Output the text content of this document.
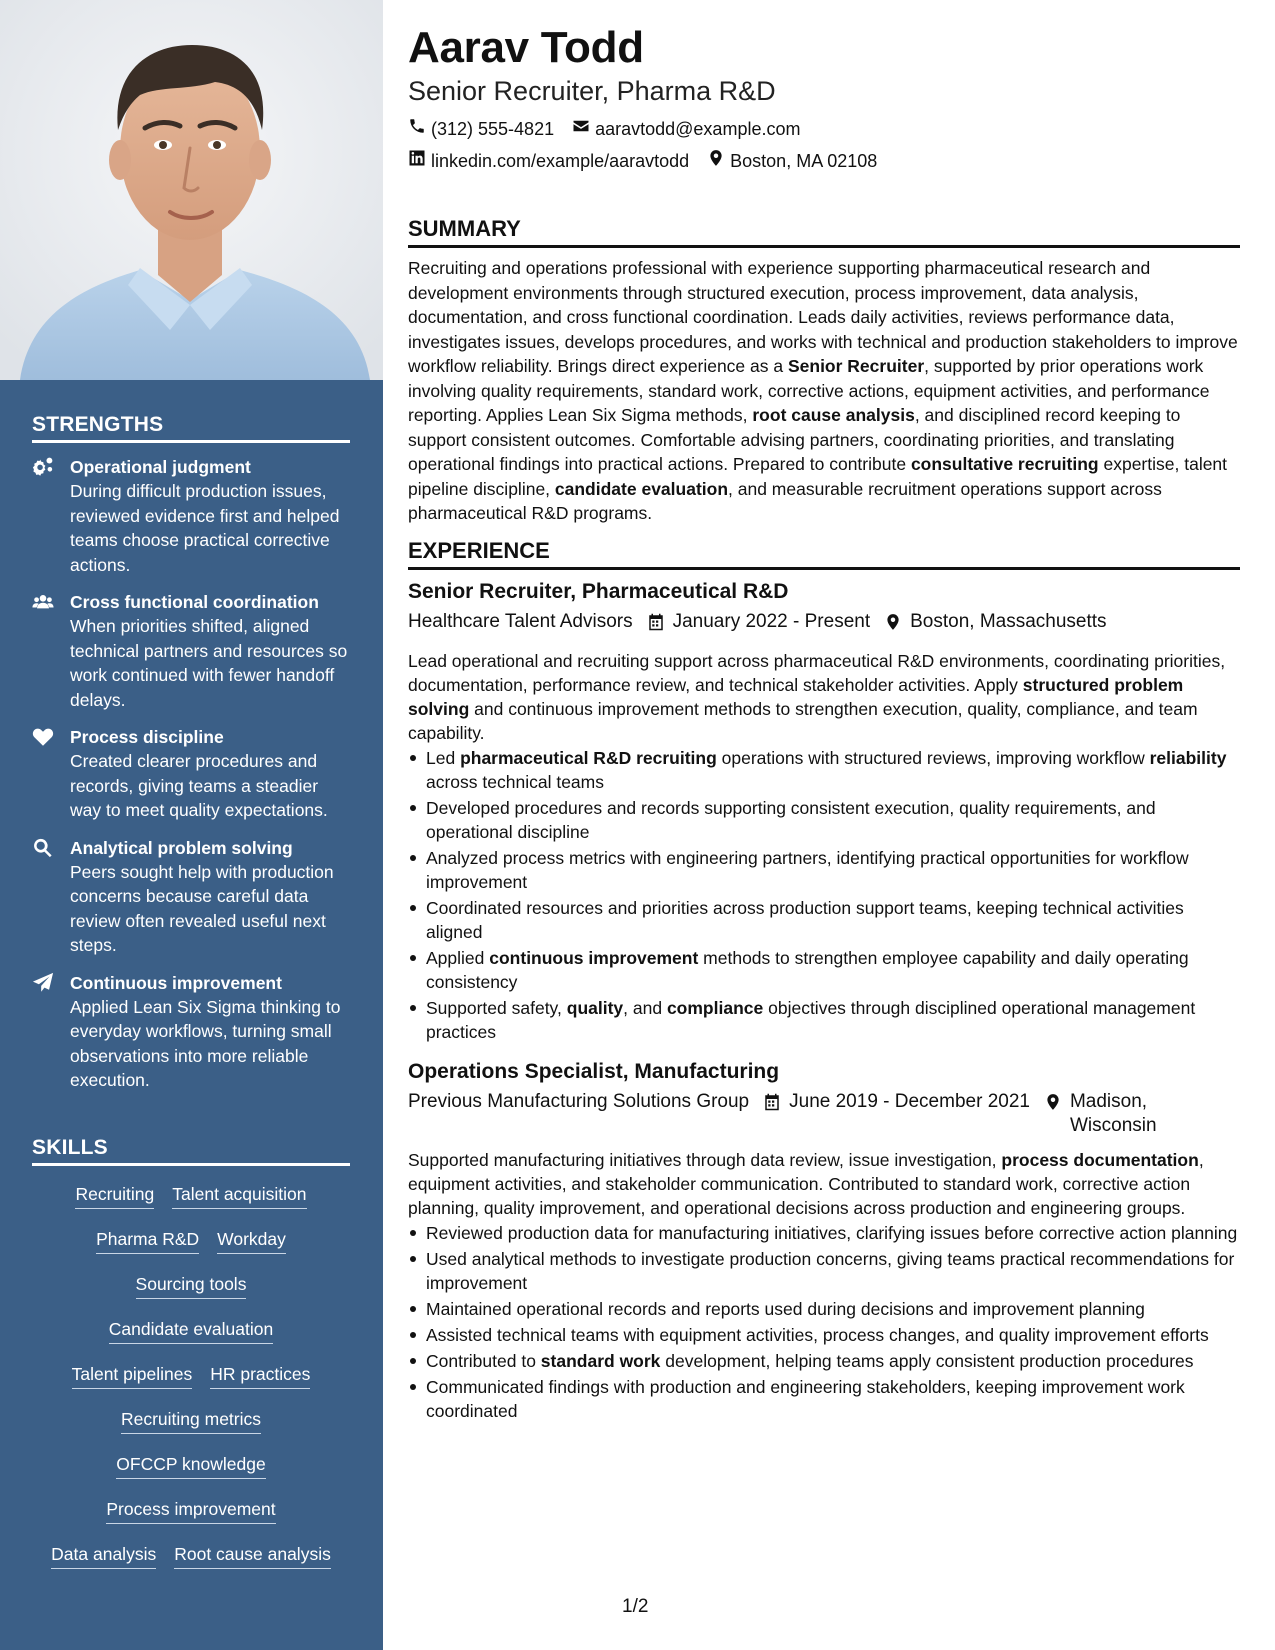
STRENGTHS
Operational judgment
During difficult production issues, reviewed evidence first and helped teams choose practical corrective actions.
Cross functional coordination
When priorities shifted, aligned technical partners and resources so work continued with fewer handoff delays.
Process discipline
Created clearer procedures and records, giving teams a steadier way to meet quality expectations.
Analytical problem solving
Peers sought help with production concerns because careful data review often revealed useful next steps.
Continuous improvement
Applied Lean Six Sigma thinking to everyday workflows, turning small observations into more reliable execution.
SKILLS
Recruiting Talent acquisition
Pharma R&D Workday
Sourcing tools
Candidate evaluation
Talent pipelines HR practices
Recruiting metrics
OFCCP knowledge
Process improvement
Data analysis Root cause analysis
Aarav Todd
Senior Recruiter, Pharma R&D
(312) 555-4821 aaravtodd@example.com
linkedin.com/example/aaravtodd Boston, MA 02108
SUMMARY

Recruiting and operations professional with experience supporting pharmaceutical research and development environments through structured execution, process improvement, data analysis, documentation, and cross functional coordination. Leads daily activities, reviews performance data, investigates issues, develops procedures, and works with technical and production stakeholders to improve workflow reliability. Brings direct experience as a Senior Recruiter, supported by prior operations work involving quality requirements, standard work, corrective actions, equipment activities, and performance reporting. Applies Lean Six Sigma methods, root cause analysis, and disciplined record keeping to support consistent outcomes. Comfortable advising partners, coordinating priorities, and translating operational findings into practical actions. Prepared to contribute consultative recruiting expertise, talent pipeline discipline, candidate evaluation, and measurable recruitment operations support across pharmaceutical R&D programs.

EXPERIENCE
Senior Recruiter, Pharmaceutical R&D
Healthcare Talent Advisors January 2022 - Present Boston, Massachusetts

Lead operational and recruiting support across pharmaceutical R&D environments, coordinating priorities, documentation, performance review, and technical stakeholder activities. Apply structured problem solving and continuous improvement methods to strengthen execution, quality, compliance, and team capability.

Led pharmaceutical R&D recruiting operations with structured reviews, improving workflow reliability across technical teams
Developed procedures and records supporting consistent execution, quality requirements, and operational discipline
Analyzed process metrics with engineering partners, identifying practical opportunities for workflow improvement
Coordinated resources and priorities across production support teams, keeping technical activities aligned
Applied continuous improvement methods to strengthen employee capability and daily operating consistency
Supported safety, quality, and compliance objectives through disciplined operational management practices
Operations Specialist, Manufacturing
Previous Manufacturing Solutions Group June 2019 - December 2021 Madison, Wisconsin

Supported manufacturing initiatives through data review, issue investigation, process documentation, equipment activities, and stakeholder communication. Contributed to standard work, corrective action planning, quality improvement, and operational decisions across production and engineering groups.

Reviewed production data for manufacturing initiatives, clarifying issues before corrective action planning
Used analytical methods to investigate production concerns, giving teams practical recommendations for improvement
Maintained operational records and reports used during decisions and improvement planning
Assisted technical teams with equipment activities, process changes, and quality improvement efforts
Contributed to standard work development, helping teams apply consistent production procedures
Communicated findings with production and engineering stakeholders, keeping improvement work coordinated
1/2
